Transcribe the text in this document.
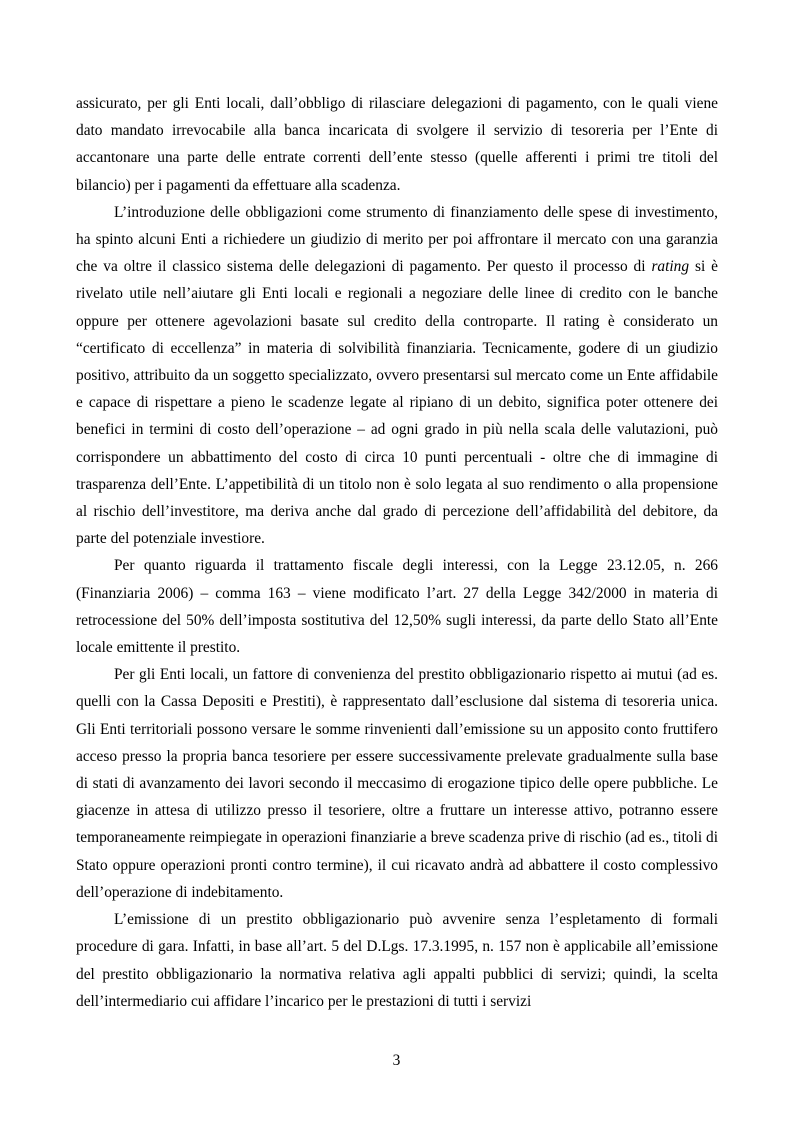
assicurato, per gli Enti locali, dall’obbligo di rilasciare delegazioni di pagamento, con le quali viene dato mandato irrevocabile alla banca incaricata di svolgere il servizio di tesoreria per l’Ente di accantonare una parte delle entrate correnti dell’ente stesso (quelle afferenti i primi tre titoli del bilancio) per i pagamenti da effettuare alla scadenza.

L’introduzione delle obbligazioni come strumento di finanziamento delle spese di investimento, ha spinto alcuni Enti a richiedere un giudizio di merito per poi affrontare il mercato con una garanzia che va oltre il classico sistema delle delegazioni di pagamento. Per questo il processo di rating si è rivelato utile nell’aiutare gli Enti locali e regionali a negoziare delle linee di credito con le banche oppure per ottenere agevolazioni basate sul credito della controparte. Il rating è considerato un “certificato di eccellenza” in materia di solvibilità finanziaria. Tecnicamente, godere di un giudizio positivo, attribuito da un soggetto specializzato, ovvero presentarsi sul mercato come un Ente affidabile e capace di rispettare a pieno le scadenze legate al ripiano di un debito, significa poter ottenere dei benefici in termini di costo dell’operazione – ad ogni grado in più nella scala delle valutazioni, può corrispondere un abbattimento del costo di circa 10 punti percentuali - oltre che di immagine di trasparenza dell’Ente. L’appetibilità di un titolo non è solo legata al suo rendimento o alla propensione al rischio dell’investitore, ma deriva anche dal grado di percezione dell’affidabilità del debitore, da parte del potenziale investiore.

Per quanto riguarda il trattamento fiscale degli interessi, con la Legge 23.12.05, n. 266 (Finanziaria 2006) – comma 163 – viene modificato l’art. 27 della Legge 342/2000 in materia di retrocessione del 50% dell’imposta sostitutiva del 12,50% sugli interessi, da parte dello Stato all’Ente locale emittente il prestito.

Per gli Enti locali, un fattore di convenienza del prestito obbligazionario rispetto ai mutui (ad es. quelli con la Cassa Depositi e Prestiti), è rappresentato dall’esclusione dal sistema di tesoreria unica. Gli Enti territoriali possono versare le somme rinvenienti dall’emissione su un apposito conto fruttifero acceso presso la propria banca tesoriere per essere successivamente prelevate gradualmente sulla base di stati di avanzamento dei lavori secondo il meccasimo di erogazione tipico delle opere pubbliche. Le giacenze in attesa di utilizzo presso il tesoriere, oltre a fruttare un interesse attivo, potranno essere temporaneamente reimpiegate in operazioni finanziarie a breve scadenza prive di rischio (ad es., titoli di Stato oppure operazioni pronti contro termine), il cui ricavato andrà ad abbattere il costo complessivo dell’operazione di indebitamento.

L’emissione di un prestito obbligazionario può avvenire senza l’espletamento di formali procedure di gara. Infatti, in base all’art. 5 del D.Lgs. 17.3.1995, n. 157 non è applicabile all’emissione del prestito obbligazionario la normativa relativa agli appalti pubblici di servizi; quindi, la scelta dell’intermediario cui affidare l’incarico per le prestazioni di tutti i servizi

3
